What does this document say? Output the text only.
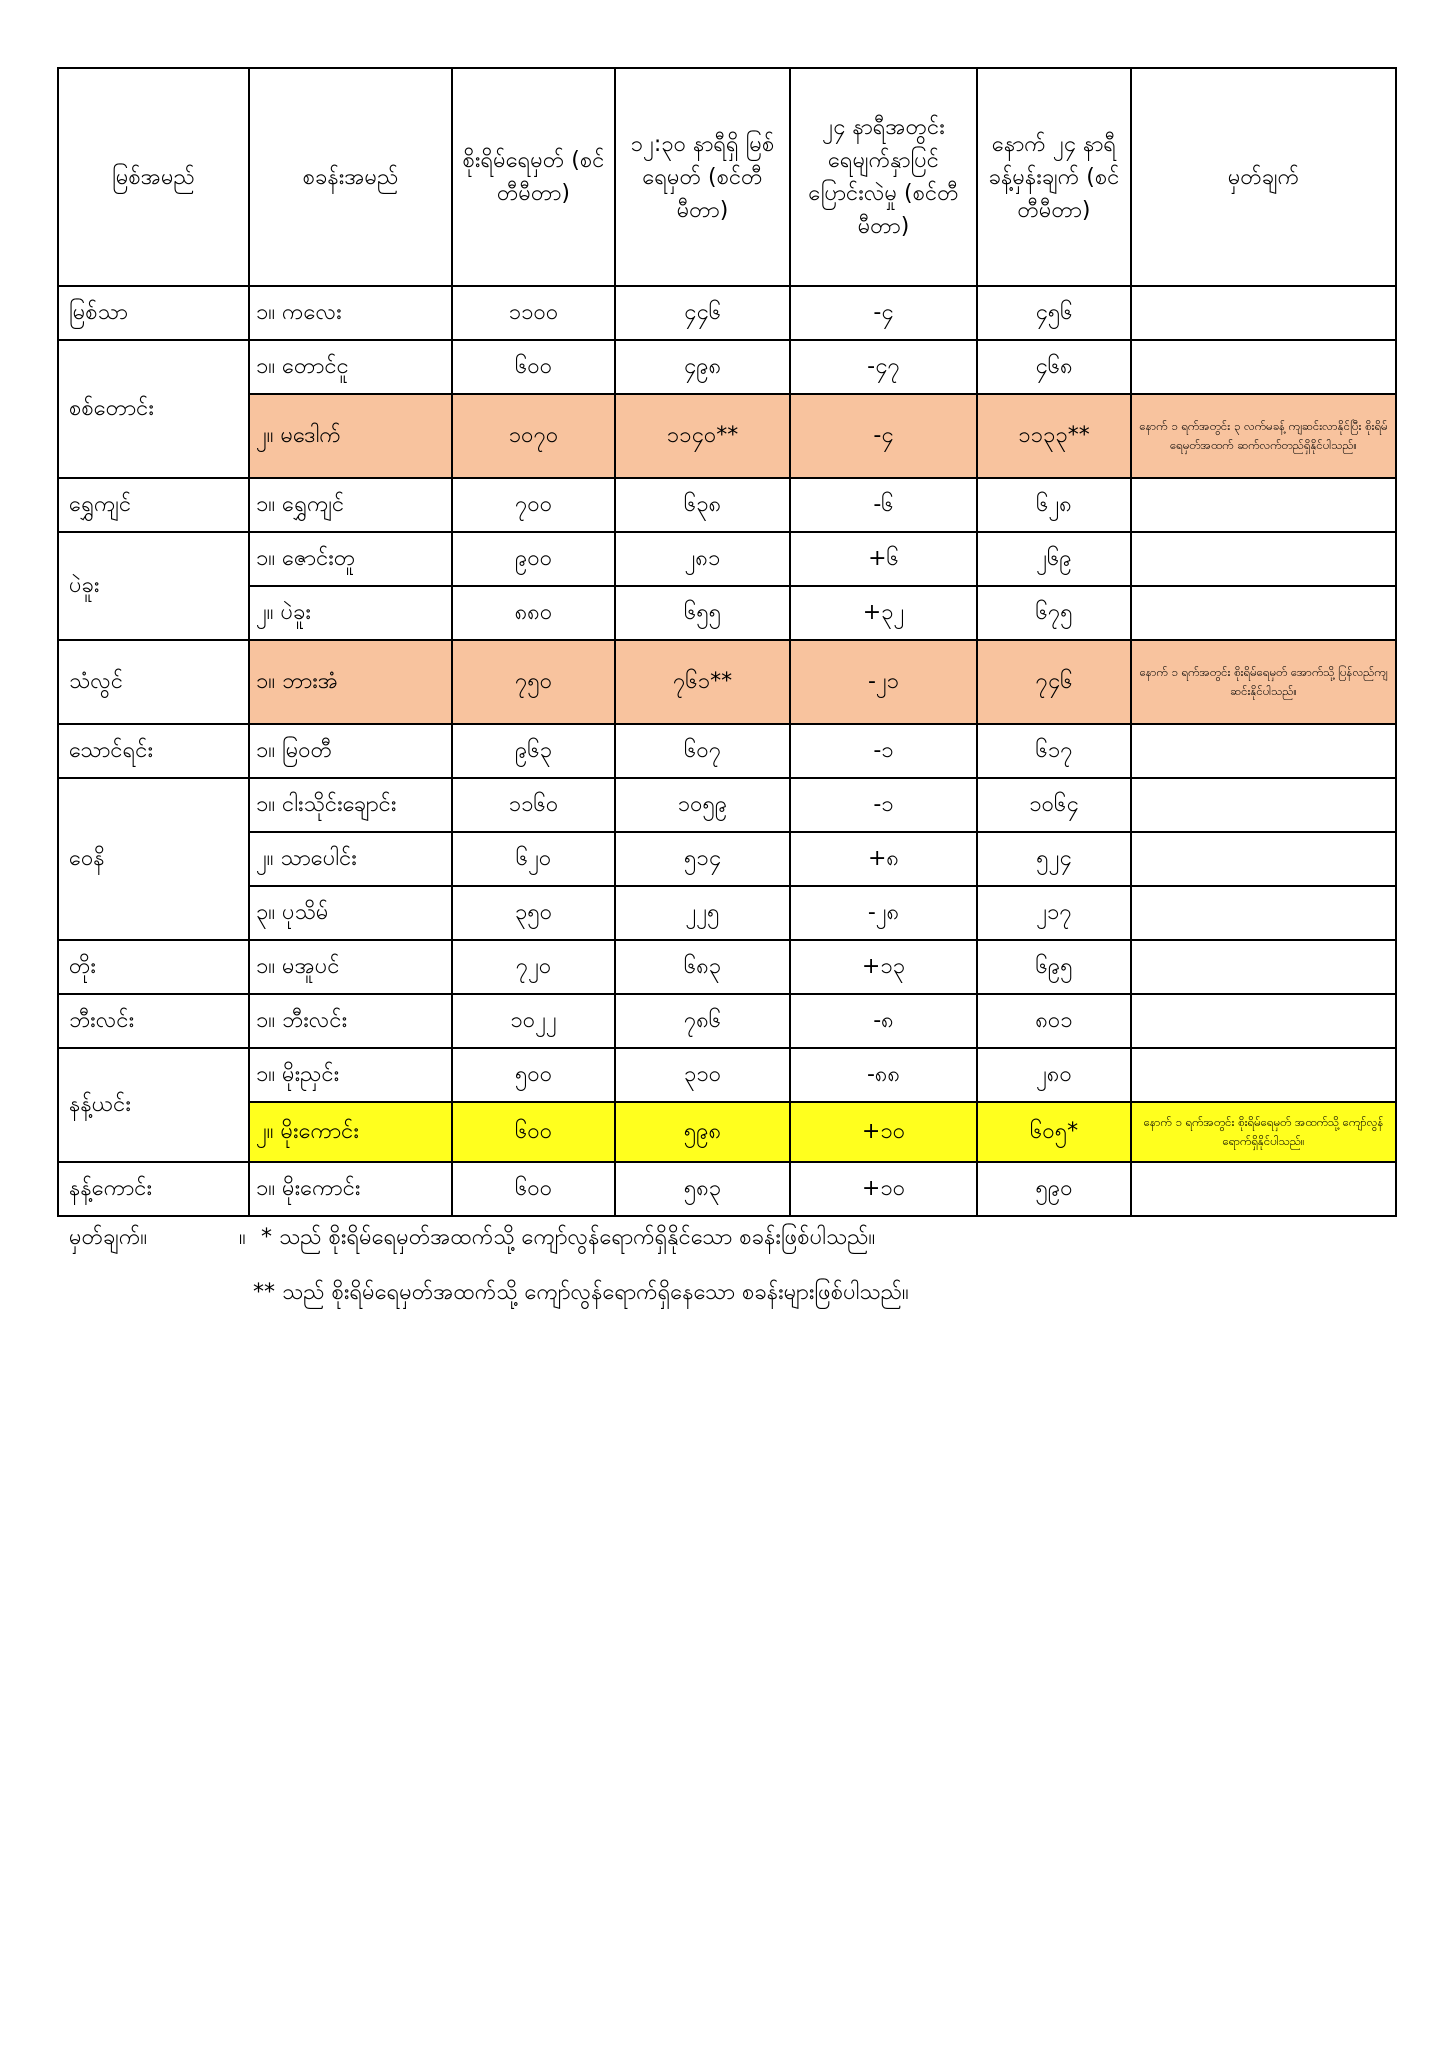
မြစ်အမည်	စခန်းအမည်	စိုးရိမ်ရေမှတ် (စင်တီမီတာ)	၁၂:၃၀ နာရီရှိ မြစ်ရေမှတ် (စင်တီမီတာ)	၂၄ နာရီအတွင်း ရေမျက်နှာပြင် ပြောင်းလဲမှု (စင်တီမီတာ)	နောက် ၂၄ နာရီ ခန့်မှန်းချက် (စင်တီမီတာ)	မှတ်ချက်
မြစ်သာ	၁။ ကလေး	၁၁၀၀	၄၄၆	-၄	၄၅၆	
စစ်တောင်း	၁။ တောင်ငူ	၆၀၀	၄၉၈	-၄၇	၄၆၈	
	၂။ မဒေါက်	၁၀၇၀	၁၁၄၀**	-၄	၁၁၃၃**	နောက် ၁ ရက်အတွင်း ၃ လက်မခန့် ကျဆင်းလာနိုင်ပြီး စိုးရိမ်ရေမှတ်အထက် ဆက်လက်တည်ရှိနိုင်ပါသည်။
ရွှေကျင်	၁။ ရွှေကျင်	၇၀၀	၆၃၈	-၆	၆၂၈	
ပဲခူး	၁။ ဇောင်းတူ	၉၀၀	၂၈၁	+၆	၂၆၉	
	၂။ ပဲခူး	၈၈၀	၆၅၅	+၃၂	၆၇၅	
သံလွင်	၁။ ဘားအံ	၇၅၀	၇၆၁**	-၂၁	၇၄၆	နောက် ၁ ရက်အတွင်း စိုးရိမ်ရေမှတ် အောက်သို့ ပြန်လည်ကျဆင်းနိုင်ပါသည်။
သောင်ရင်း	၁။ မြဝတီ	၉၆၃	၆၀၇	-၁	၆၁၇	
ဝေနိ	၁။ ငါးသိုင်းချောင်း	၁၁၆၀	၁၀၅၉	-၁	၁၀၆၄	
	၂။ သာပေါင်း	၆၂၀	၅၁၄	+၈	၅၂၄	
	၃။ ပုသိမ်	၃၅၀	၂၂၅	-၂၈	၂၁၇	
တိုး	၁။ မအူပင်	၇၂၀	၆၈၃	+၁၃	၆၉၅	
ဘီးလင်း	၁။ ဘီးလင်း	၁၀၂၂	၇၈၆	-၈	၈၀၁	
နန့်ယင်း	၁။ မိုးညှင်း	၅၀၀	၃၁၀	-၈၈	၂၈၀	
	၂။ မိုးကောင်း	၆၀၀	၅၉၈	+၁၀	၆၀၅*	နောက် ၁ ရက်အတွင်း စိုးရိမ်ရေမှတ် အထက်သို့ ကျော်လွန်ရောက်ရှိနိုင်ပါသည်။
နန့်ကောင်း	၁။ မိုးကောင်း	၆၀၀	၅၈၃	+၁၀	၅၉၀	
မှတ်ချက်။	။ * သည် စိုးရိမ်ရေမှတ်အထက်သို့ ကျော်လွန်ရောက်ရှိနိုင်သော စခန်းဖြစ်ပါသည်။
** သည် စိုးရိမ်ရေမှတ်အထက်သို့ ကျော်လွန်ရောက်ရှိနေသော စခန်းများဖြစ်ပါသည်။
